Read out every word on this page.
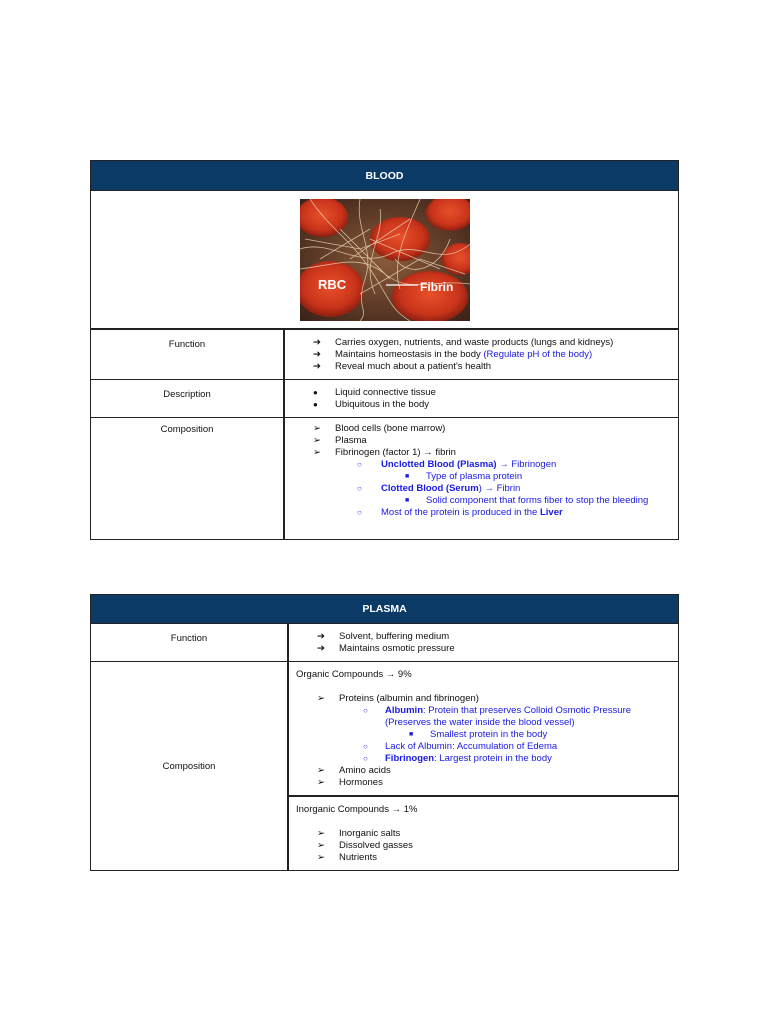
BLOOD
RBC	Fibrin
Function	➔ Carries oxygen, nutrients, and waste products (lungs and kidneys)
➔ Maintains homeostasis in the body (Regulate pH of the body)
➔ Reveal much about a patient's health
Description	● Liquid connective tissue
● Ubiquitous in the body
Composition	➢ Blood cells (bone marrow)
➢ Plasma
➢ Fibrinogen (factor 1) → fibrin
○ Unclotted Blood (Plasma) → Fibrinogen
■ Type of plasma protein
○ Clotted Blood (Serum) → Fibrin
■ Solid component that forms fiber to stop the bleeding
○ Most of the protein is produced in the Liver
PLASMA
Function	➔ Solvent, buffering medium
➔ Maintains osmotic pressure
Composition
Organic Compounds → 9%
➢ Proteins (albumin and fibrinogen)
○ Albumin: Protein that preserves Colloid Osmotic Pressure
(Preserves the water inside the blood vessel)
■ Smallest protein in the body
○ Lack of Albumin: Accumulation of Edema
○ Fibrinogen: Largest protein in the body
➢ Amino acids
➢ Hormones
Inorganic Compounds → 1%
➢ Inorganic salts
➢ Dissolved gasses
➢ Nutrients
